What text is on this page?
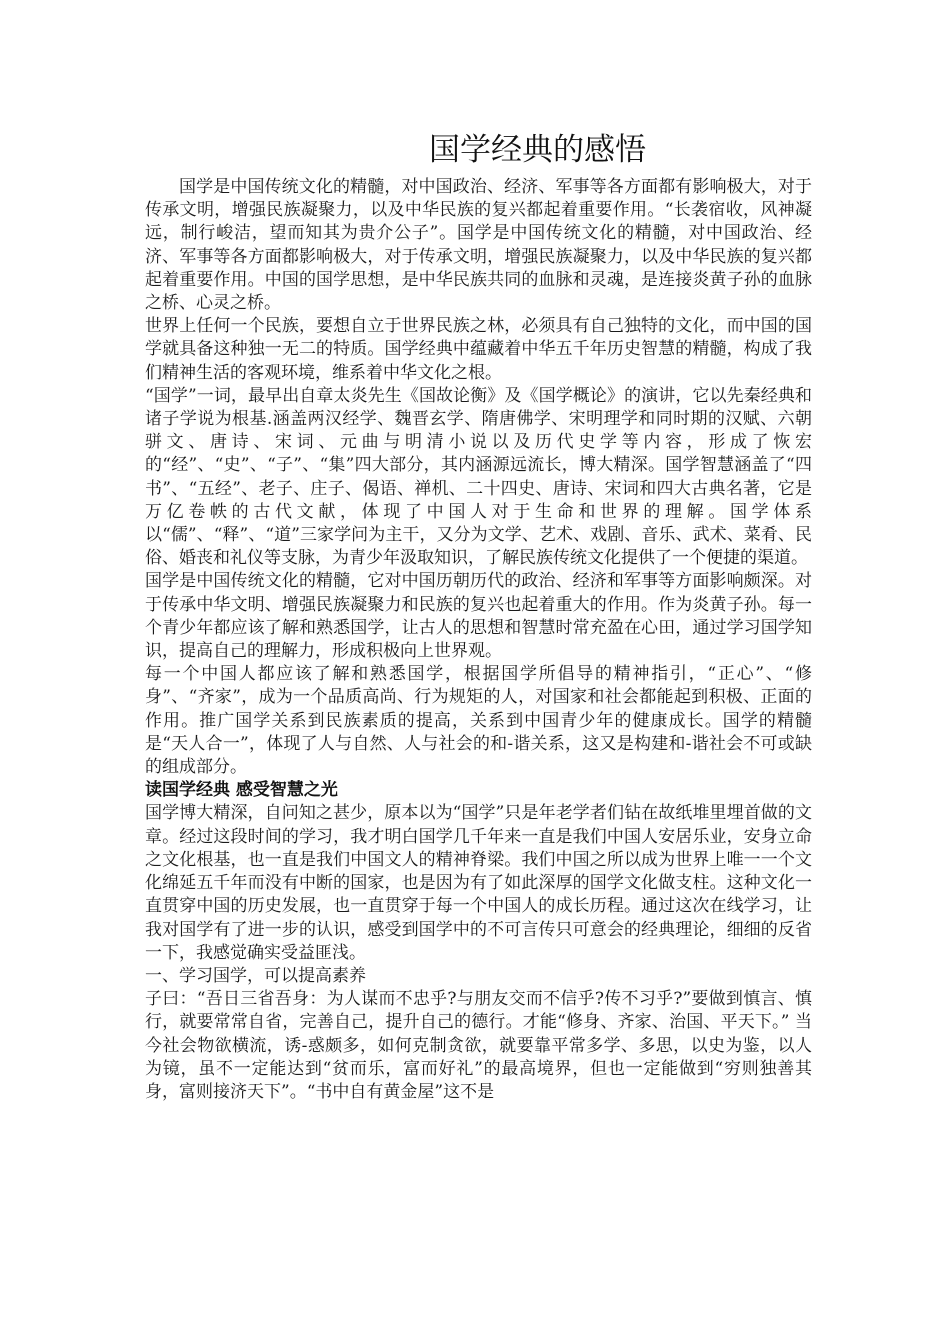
国学经典的感悟

国学是中国传统文化的精髓，对中国政治、经济、军事等各方面都有影响极大，对于传承文明，增强民族凝聚力，以及中华民族的复兴都起着重要作用。“长袭宿收，风神凝远，制行峻洁，望而知其为贵介公子”。国学是中国传统文化的精髓，对中国政治、经济、军事等各方面都影响极大，对于传承文明，增强民族凝聚力，以及中华民族的复兴都起着重要作用。中国的国学思想，是中华民族共同的血脉和灵魂，是连接炎黄子孙的血脉之桥、心灵之桥。

世界上任何一个民族，要想自立于世界民族之林，必须具有自己独特的文化，而中国的国学就具备这种独一无二的特质。国学经典中蕴藏着中华五千年历史智慧的精髓，构成了我们精神生活的客观环境，维系着中华文化之根。

“国学”一词，最早出自章太炎先生《国故论衡》及《国学概论》的演讲，它以先秦经典和诸子学说为根基.涵盖两汉经学、魏晋玄学、隋唐佛学、宋明理学和同时期的汉赋、六朝骈文、唐诗、宋词、元曲与明清小说以及历代史学等内容，形成了恢宏的“经”、“史”、“子”、“集”四大部分，其内涵源远流长，博大精深。国学智慧涵盖了“四书”、“五经”、老子、庄子、偈语、禅机、二十四史、唐诗、宋词和四大古典名著，它是万亿卷帙的古代文献，体现了中国人对于生命和世界的理解。国学体系以“儒”、“释”、“道”三家学问为主干，又分为文学、艺术、戏剧、音乐、武术、菜肴、民俗、婚丧和礼仪等支脉，为青少年汲取知识，了解民族传统文化提供了一个便捷的渠道。

国学是中国传统文化的精髓，它对中国历朝历代的政治、经济和军事等方面影响颇深。对于传承中华文明、增强民族凝聚力和民族的复兴也起着重大的作用。作为炎黄子孙。每一个青少年都应该了解和熟悉国学，让古人的思想和智慧时常充盈在心田，通过学习国学知识，提高自己的理解力，形成积极向上世界观。

每一个中国人都应该了解和熟悉国学，根据国学所倡导的精神指引，“正心”、“修身”、“齐家”，成为一个品质高尚、行为规矩的人，对国家和社会都能起到积极、正面的作用。推广国学关系到民族素质的提高，关系到中国青少年的健康成长。国学的精髓是“天人合一”，体现了人与自然、人与社会的和-谐关系，这又是构建和-谐社会不可或缺的组成部分。

读国学经典 感受智慧之光

国学博大精深，自问知之甚少，原本以为“国学”只是年老学者们钻在故纸堆里埋首做的文章。经过这段时间的学习，我才明白国学几千年来一直是我们中国人安居乐业，安身立命之文化根基，也一直是我们中国文人的精神脊梁。我们中国之所以成为世界上唯一一个文化绵延五千年而没有中断的国家，也是因为有了如此深厚的国学文化做支柱。这种文化一直贯穿中国的历史发展，也一直贯穿于每一个中国人的成长历程。通过这次在线学习，让我对国学有了进一步的认识，感受到国学中的不可言传只可意会的经典理论，细细的反省一下，我感觉确实受益匪浅。

一、学习国学，可以提高素养

子曰：“吾日三省吾身：为人谋而不忠乎?与朋友交而不信乎?传不习乎?”要做到慎言、慎行，就要常常自省，完善自己，提升自己的德行。才能“修身、齐家、治国、平天下。” 当今社会物欲横流，诱-惑颇多，如何克制贪欲，就要靠平常多学、多思，以史为鉴，以人为镜，虽不一定能达到“贫而乐，富而好礼”的最高境界，但也一定能做到“穷则独善其身，富则接济天下”。“书中自有黄金屋”这不是
